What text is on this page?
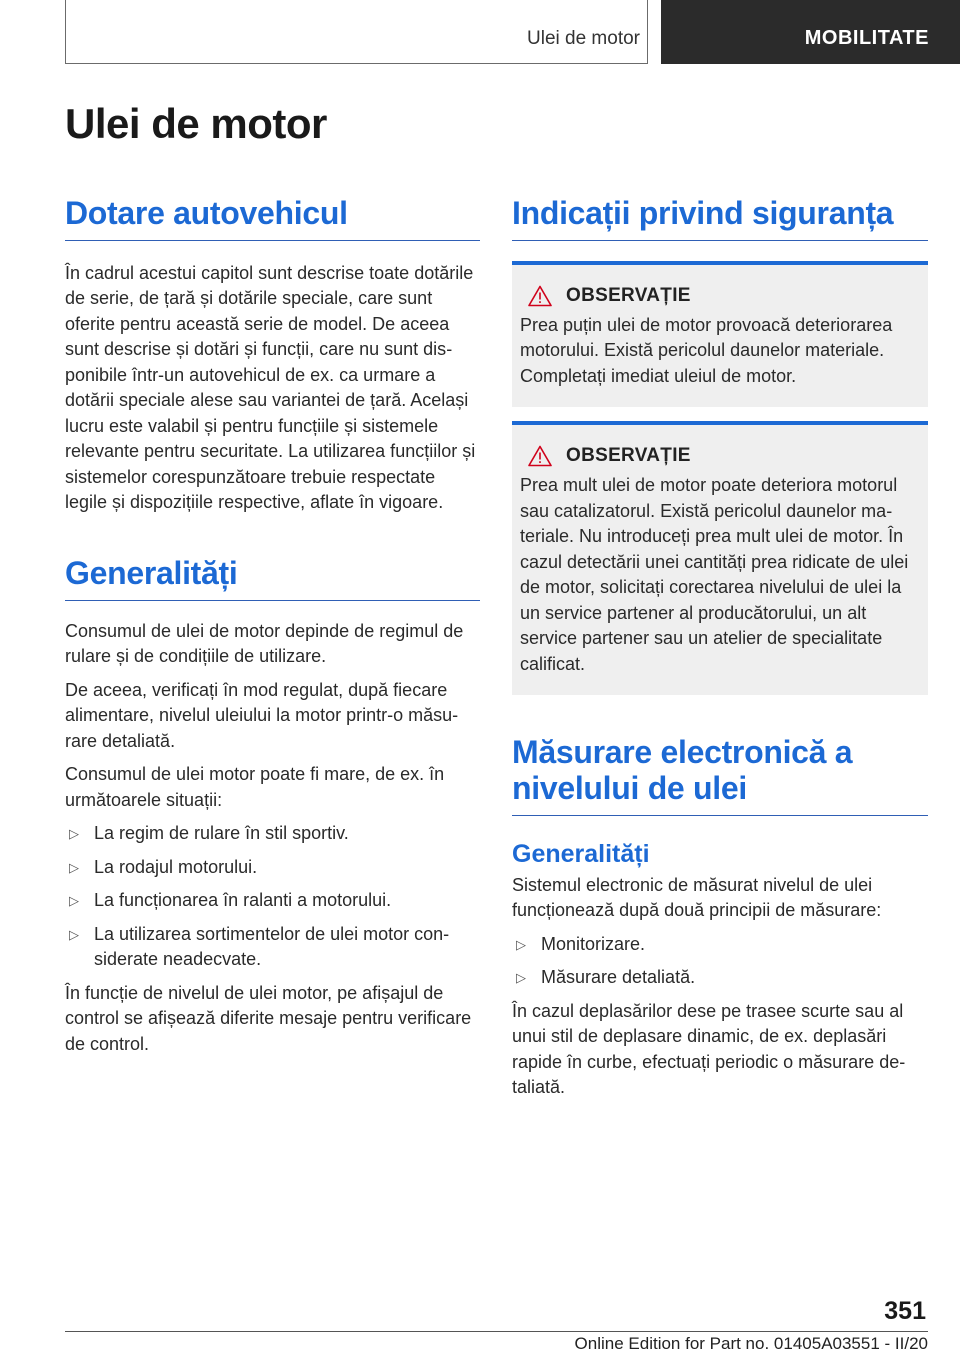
Ulei de motor	MOBILITATE
Ulei de motor
Dotare autovehicul

În cadrul acestui capitol sunt descrise toate dotările de serie, de țară și dotările speciale, care sunt oferite pentru această serie de model. De aceea sunt descrise și dotări și funcții, care nu sunt disponibile într‑un autovehicul de ex. ca urmare a dotării speciale alese sau variantei de țară. Același lucru este valabil și pentru funcțiile și sistemele relevante pentru securitate. La utilizarea funcțiilor și sistemelor corespunzătoare trebuie respectate legile și dispozițiile respective, aflate în vigoare.

Generalități

Consumul de ulei de motor depinde de regimul de rulare și de condițiile de utilizare.

De aceea, verificați în mod regulat, după fiecare alimentare, nivelul uleiului la motor printr‑o măsurare detaliată.

Consumul de ulei motor poate fi mare, de ex. în următoarele situații:

▷ La regim de rulare în stil sportiv.
▷ La rodajul motorului.
▷ La funcționarea în ralanti a motorului.
▷ La utilizarea sortimentelor de ulei motor considerate neadecvate.

În funcție de nivelul de ulei motor, pe afișajul de control se afișează diferite mesaje pentru verificare de control.

Indicații privind siguranța
OBSERVAȚIE

Prea puțin ulei de motor provoacă deteriorarea motorului. Există pericolul daunelor materiale. Completați imediat uleiul de motor.

OBSERVAȚIE

Prea mult ulei de motor poate deteriora motorul sau catalizatorul. Există pericolul daunelor materiale. Nu introduceți prea mult ulei de motor. În cazul detectării unei cantități prea ridicate de ulei de motor, solicitați corectarea nivelului de ulei la un service partener al producătorului, un alt service partener sau un atelier de specialitate calificat.

Măsurare electronică a nivelului de ulei
Generalități

Sistemul electronic de măsurat nivelul de ulei funcționează după două principii de măsurare:

▷ Monitorizare.
▷ Măsurare detaliată.

În cazul deplasărilor dese pe trasee scurte sau al unui stil de deplasare dinamic, de ex. deplasări rapide în curbe, efectuați periodic o măsurare detaliată.

351
Online Edition for Part no. 01405A03551 - II/20
